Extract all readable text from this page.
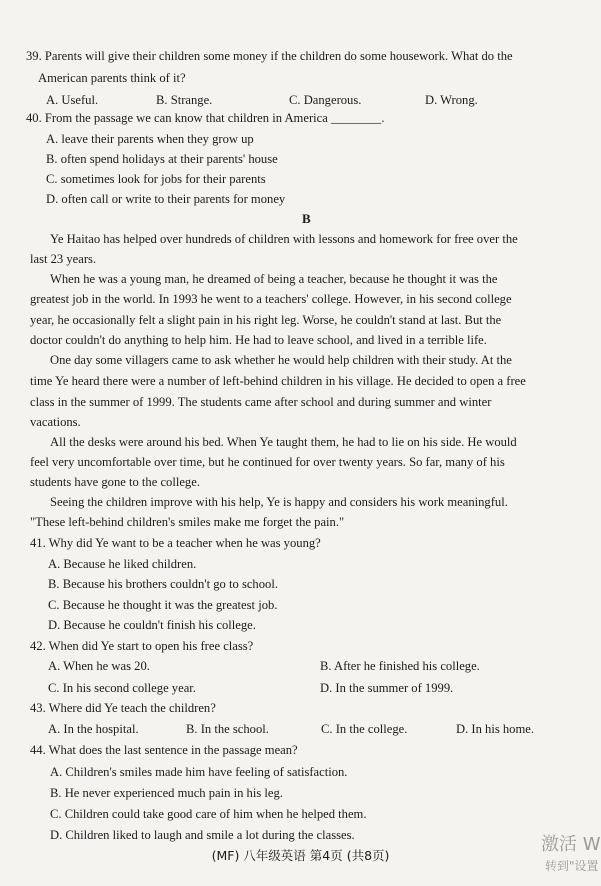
39. Parents will give their children some money if the children do some housework. What do the
American parents think of it?
A. Useful.	B. Strange.	C. Dangerous.	D. Wrong.
40. From the passage we can know that children in America ________.
A. leave their parents when they grow up
B. often spend holidays at their parents' house
C. sometimes look for jobs for their parents
D. often call or write to their parents for money
B
Ye Haitao has helped over hundreds of children with lessons and homework for free over the
last 23 years.
When he was a young man, he dreamed of being a teacher, because he thought it was the
greatest job in the world. In 1993 he went to a teachers' college. However, in his second college
year, he occasionally felt a slight pain in his right leg. Worse, he couldn't stand at last. But the
doctor couldn't do anything to help him. He had to leave school, and lived in a terrible life.
One day some villagers came to ask whether he would help children with their study. At the
time Ye heard there were a number of left-behind children in his village. He decided to open a free
class in the summer of 1999. The students came after school and during summer and winter
vacations.
All the desks were around his bed. When Ye taught them, he had to lie on his side. He would
feel very uncomfortable over time, but he continued for over twenty years. So far, many of his
students have gone to the college.
Seeing the children improve with his help, Ye is happy and considers his work meaningful.
"These left-behind children's smiles make me forget the pain."
41. Why did Ye want to be a teacher when he was young?
A. Because he liked children.
B. Because his brothers couldn't go to school.
C. Because he thought it was the greatest job.
D. Because he couldn't finish his college.
42. When did Ye start to open his free class?
A. When he was 20.	B. After he finished his college.
C. In his second college year.	D. In the summer of 1999.
43. Where did Ye teach the children?
A. In the hospital.	B. In the school.	C. In the college.	D. In his home.
44. What does the last sentence in the passage mean?
A. Children's smiles made him have feeling of satisfaction.
B. He never experienced much pain in his leg.
C. Children could take good care of him when he helped them.
D. Children liked to laugh and smile a lot during the classes.
(MF) 八年级英语 第4页 (共8页)
激活 W
转到"设置
